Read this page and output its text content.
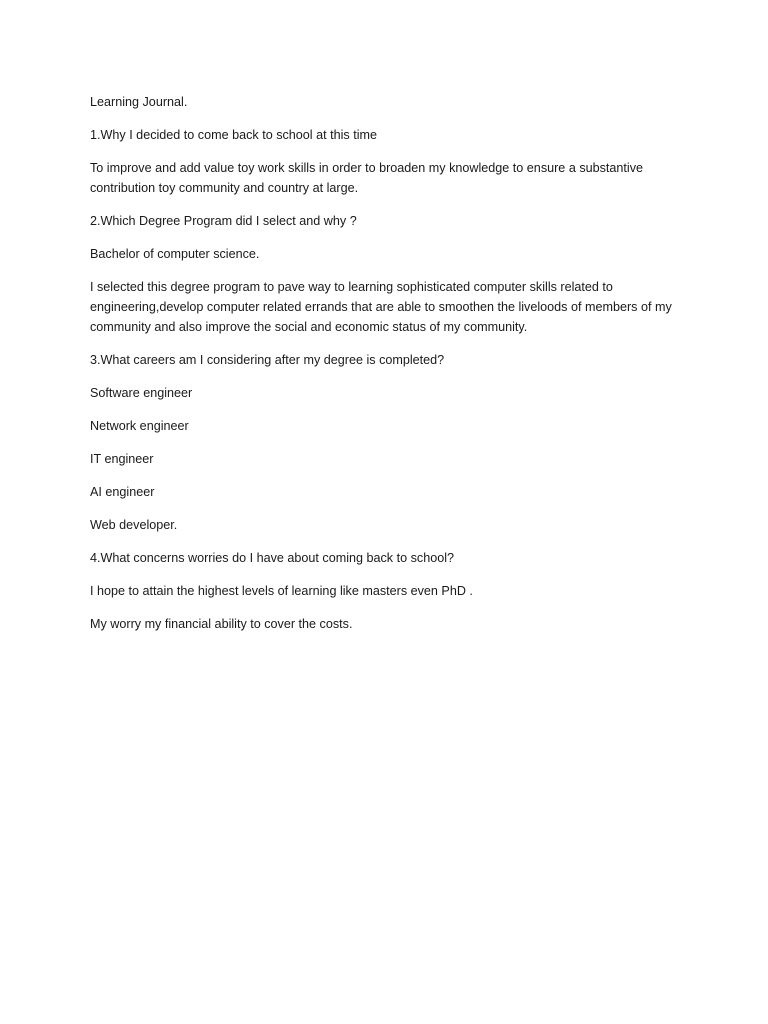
Learning Journal.

1.Why I decided to come back to school at this time

To improve and add value toy work skills in order to broaden my knowledge to ensure a substantive contribution toy community and country at large.

2.Which Degree Program did I select and why ?

Bachelor of computer science.

I selected this degree program to pave way to learning sophisticated computer skills related to engineering,develop computer related errands that are able to smoothen the liveloods of members of my community and also improve the social and economic status of my community.

3.What careers am I considering after my degree is completed?

Software engineer

Network engineer

IT engineer

AI engineer

Web developer.

4.What concerns worries do I have about coming back to school?

I hope to attain the highest levels of learning like masters even PhD .

My worry my financial ability to cover the costs.
